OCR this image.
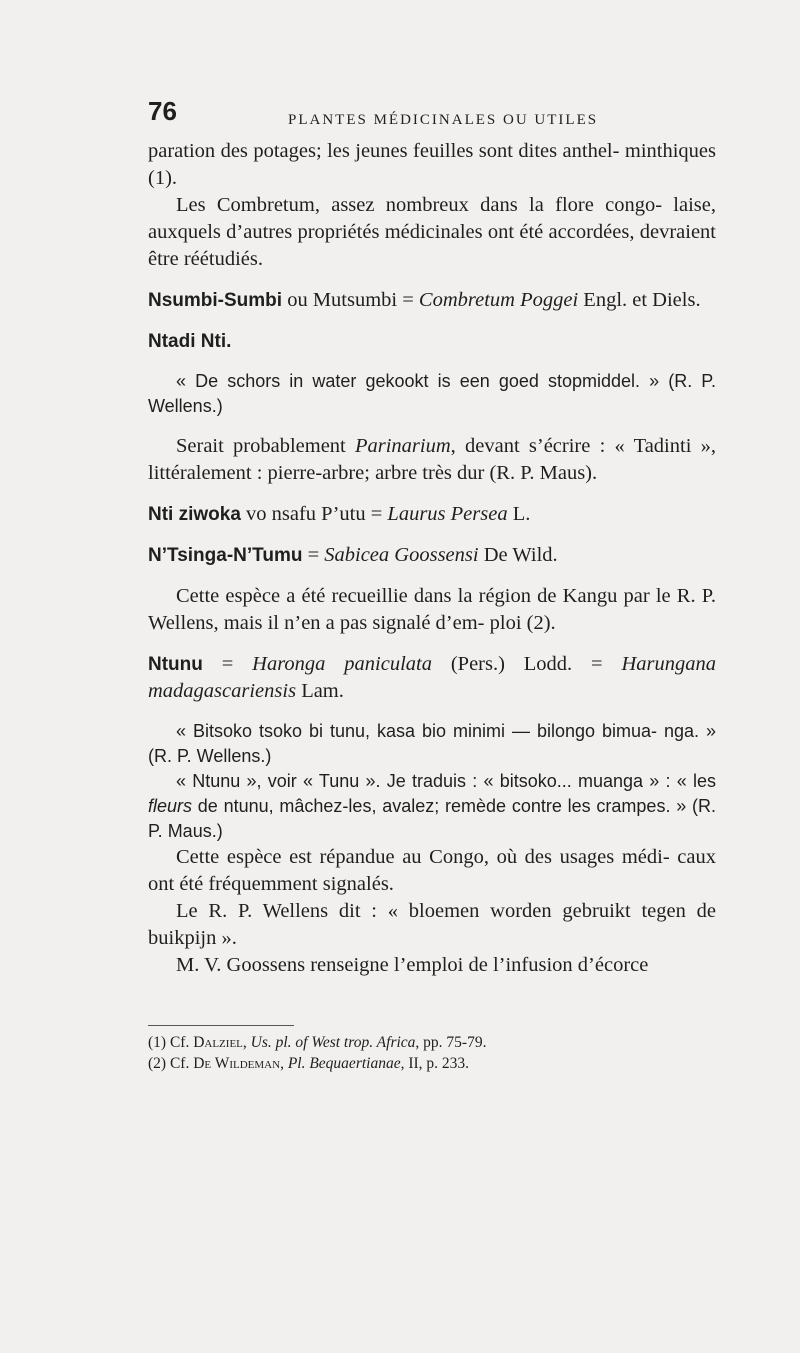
76	PLANTES MÉDICINALES OU UTILES

paration des potages; les jeunes feuilles sont dites anthel- minthiques (1).

Les Combretum, assez nombreux dans la flore congo- laise, auxquels d’autres propriétés médicinales ont été accordées, devraient être réétudiés.

Nsumbi-Sumbi ou Mutsumbi = Combretum Poggei Engl. et Diels.

Ntadi Nti.

« De schors in water gekookt is een goed stopmiddel. » (R. P. Wellens.)

Serait probablement Parinarium, devant s’écrire : « Tadinti », littéralement : pierre-arbre; arbre très dur (R. P. Maus).

Nti ziwoka vo nsafu P’utu = Laurus Persea L.

N’Tsinga-N’Tumu = Sabicea Goossensi De Wild.

Cette espèce a été recueillie dans la région de Kangu par le R. P. Wellens, mais il n’en a pas signalé d’em- ploi (2).

Ntunu = Haronga paniculata (Pers.) Lodd. = Harungana madagascariensis Lam.

« Bitsoko tsoko bi tunu, kasa bio minimi — bilongo bimua- nga. » (R. P. Wellens.)

« Ntunu », voir « Tunu ». Je traduis : « bitsoko... muanga » : « les fleurs de ntunu, mâchez-les, avalez; remède contre les crampes. » (R. P. Maus.)

Cette espèce est répandue au Congo, où des usages médi- caux ont été fréquemment signalés.

Le R. P. Wellens dit : « bloemen worden gebruikt tegen de buikpijn ».

M. V. Goossens renseigne l’emploi de l’infusion d’écorce

(1) Cf. Dalziel, Us. pl. of West trop. Africa, pp. 75-79.

(2) Cf. De Wildeman, Pl. Bequaertianae, II, p. 233.
